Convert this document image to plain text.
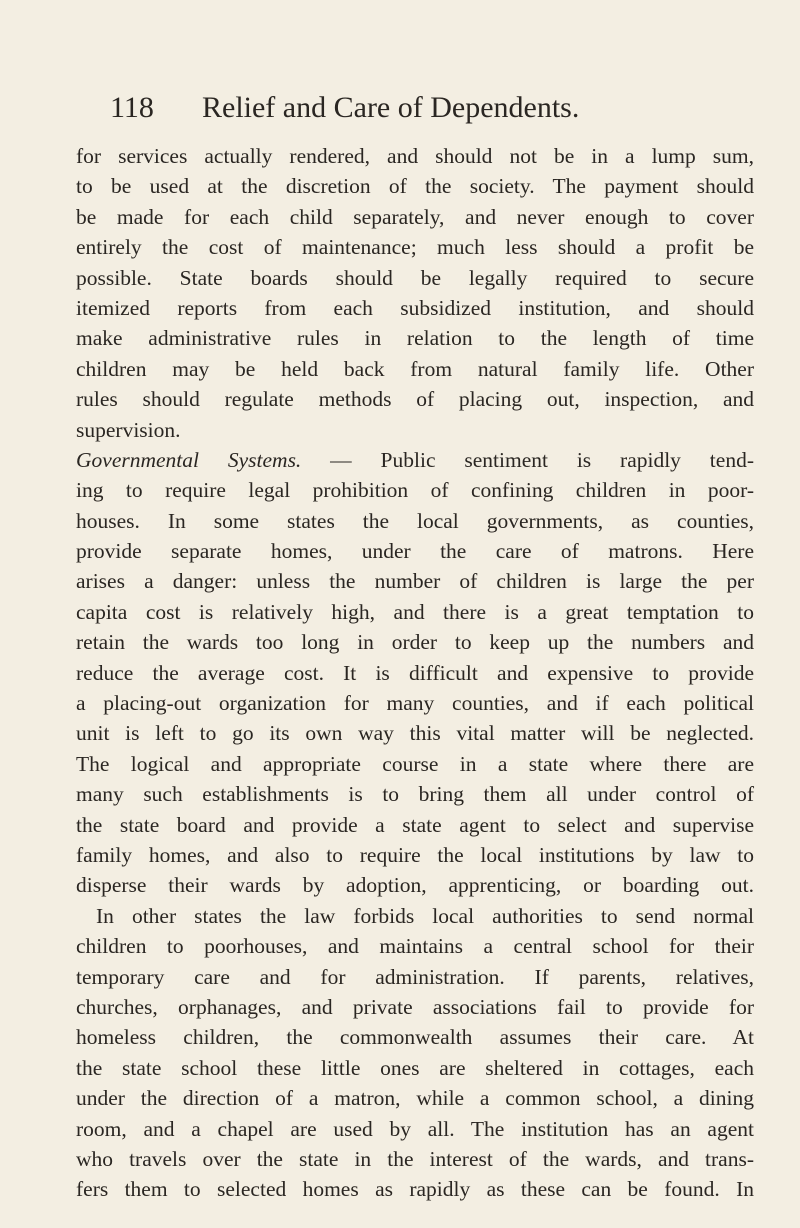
118 Relief and Care of Dependents.
for services actually rendered, and should not be in a lump sum,
to be used at the discretion of the society. The payment should
be made for each child separately, and never enough to cover
entirely the cost of maintenance; much less should a profit be
possible. State boards should be legally required to secure
itemized reports from each subsidized institution, and should
make administrative rules in relation to the length of time
children may be held back from natural family life. Other
rules should regulate methods of placing out, inspection, and
supervision.
Governmental Systems. — Public sentiment is rapidly tend-
ing to require legal prohibition of confining children in poor-
houses. In some states the local governments, as counties,
provide separate homes, under the care of matrons. Here
arises a danger: unless the number of children is large the per
capita cost is relatively high, and there is a great temptation to
retain the wards too long in order to keep up the numbers and
reduce the average cost. It is difficult and expensive to provide
a placing-out organization for many counties, and if each political
unit is left to go its own way this vital matter will be neglected.
The logical and appropriate course in a state where there are
many such establishments is to bring them all under control of
the state board and provide a state agent to select and supervise
family homes, and also to require the local institutions by law to
disperse their wards by adoption, apprenticing, or boarding out.
In other states the law forbids local authorities to send normal
children to poorhouses, and maintains a central school for their
temporary care and for administration. If parents, relatives,
churches, orphanages, and private associations fail to provide for
homeless children, the commonwealth assumes their care. At
the state school these little ones are sheltered in cottages, each
under the direction of a matron, while a common school, a dining
room, and a chapel are used by all. The institution has an agent
who travels over the state in the interest of the wards, and trans-
fers them to selected homes as rapidly as these can be found. In
